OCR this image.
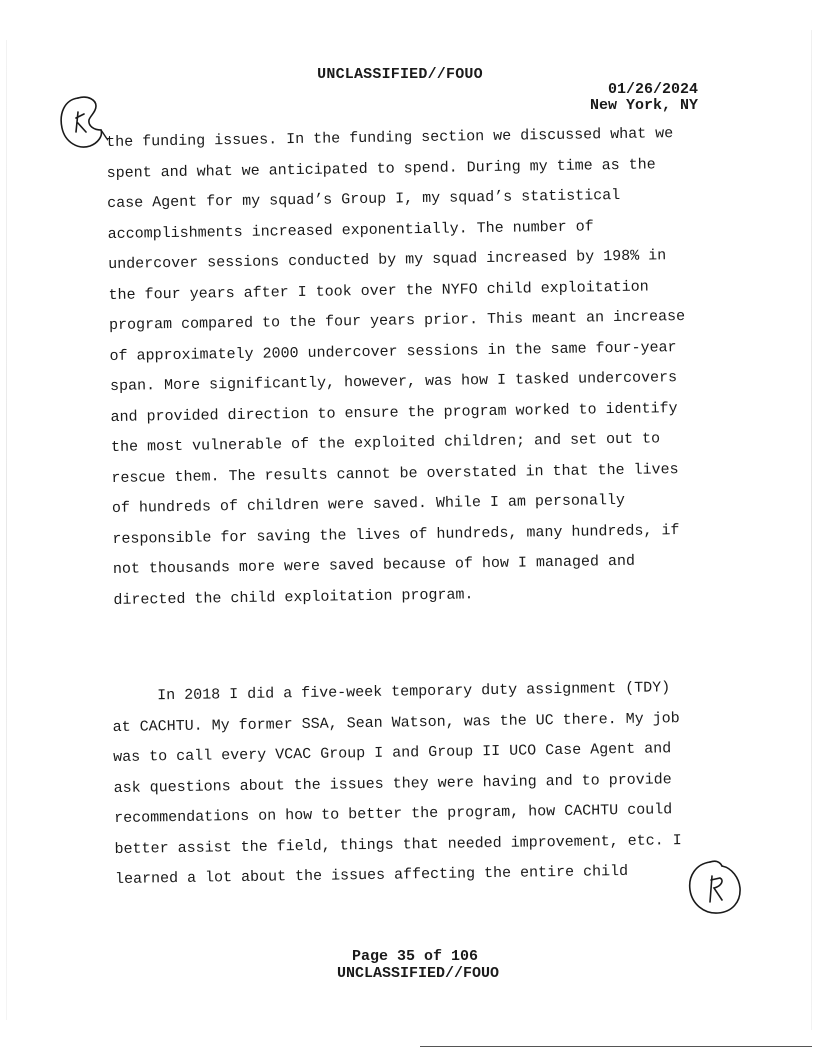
UNCLASSIFIED//FOUO
01/26/2024
New York, NY
the funding issues. In the funding section we discussed what we
spent and what we anticipated to spend. During my time as the
case Agent for my squad’s Group I, my squad’s statistical
accomplishments increased exponentially. The number of
undercover sessions conducted by my squad increased by 198% in
the four years after I took over the NYFO child exploitation
program compared to the four years prior. This meant an increase
of approximately 2000 undercover sessions in the same four-year
span. More significantly, however, was how I tasked undercovers
and provided direction to ensure the program worked to identify
the most vulnerable of the exploited children; and set out to
rescue them. The results cannot be overstated in that the lives
of hundreds of children were saved. While I am personally
responsible for saving the lives of hundreds, many hundreds, if
not thousands more were saved because of how I managed and
directed the child exploitation program.
In 2018 I did a five-week temporary duty assignment (TDY)
at CACHTU. My former SSA, Sean Watson, was the UC there. My job
was to call every VCAC Group I and Group II UCO Case Agent and
ask questions about the issues they were having and to provide
recommendations on how to better the program, how CACHTU could
better assist the field, things that needed improvement, etc. I
learned a lot about the issues affecting the entire child
Page 35 of 106
UNCLASSIFIED//FOUO
